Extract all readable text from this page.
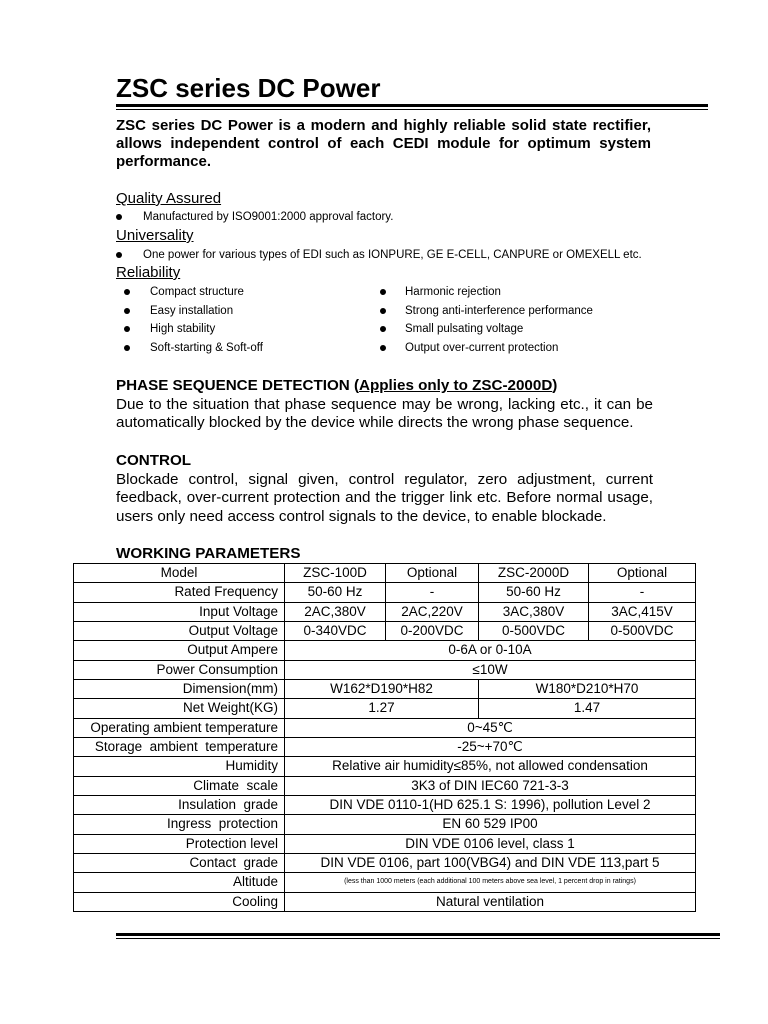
ZSC series DC Power
ZSC series DC Power is a modern and highly reliable solid state rectifier, allows independent control of each CEDI module for optimum system performance.
Quality Assured
Manufactured by ISO9001:2000 approval factory.
Universality
One power for various types of EDI such as IONPURE, GE E-CELL, CANPURE or OMEXELL etc.
Reliability
Compact structure
Easy installation
High stability
Soft-starting & Soft-off
Harmonic rejection
Strong anti-interference performance
Small pulsating voltage
Output over-current protection
PHASE SEQUENCE DETECTION (Applies only to ZSC-2000D)
Due to the situation that phase sequence may be wrong, lacking etc., it can be automatically blocked by the device while directs the wrong phase sequence.
CONTROL
Blockade control, signal given, control regulator, zero adjustment, current feedback, over-current protection and the trigger link etc. Before normal usage, users only need access control signals to the device, to enable blockade.
WORKING PARAMETERS
Model	ZSC-100D	Optional	ZSC-2000D	Optional
Rated Frequency	50-60 Hz	-	50-60 Hz	-
Input Voltage	2AC,380V	2AC,220V	3AC,380V	3AC,415V
Output Voltage	0-340VDC	0-200VDC	0-500VDC	0-500VDC
Output Ampere	0-6A or 0-10A			
Power Consumption	≤10W			
Dimension(mm)	W162*D190*H82		W180*D210*H70	
Net Weight(KG)	1.27		1.47	
Operating ambient temperature	0~45℃			
Storage  ambient  temperature	-25~+70℃			
Humidity	Relative air humidity≤85%, not allowed condensation			
Climate  scale	3K3 of DIN IEC60 721-3-3			
Insulation  grade	DIN VDE 0110-1(HD 625.1 S: 1996), pollution Level 2			
Ingress  protection	EN 60 529 IP00			
Protection level	DIN VDE 0106 level, class 1			
Contact  grade	DIN VDE 0106, part 100(VBG4) and DIN VDE 113,part 5			
Altitude	(less than 1000 meters (each additional 100 meters above sea level, 1 percent drop in ratings)			
Cooling	Natural ventilation			
